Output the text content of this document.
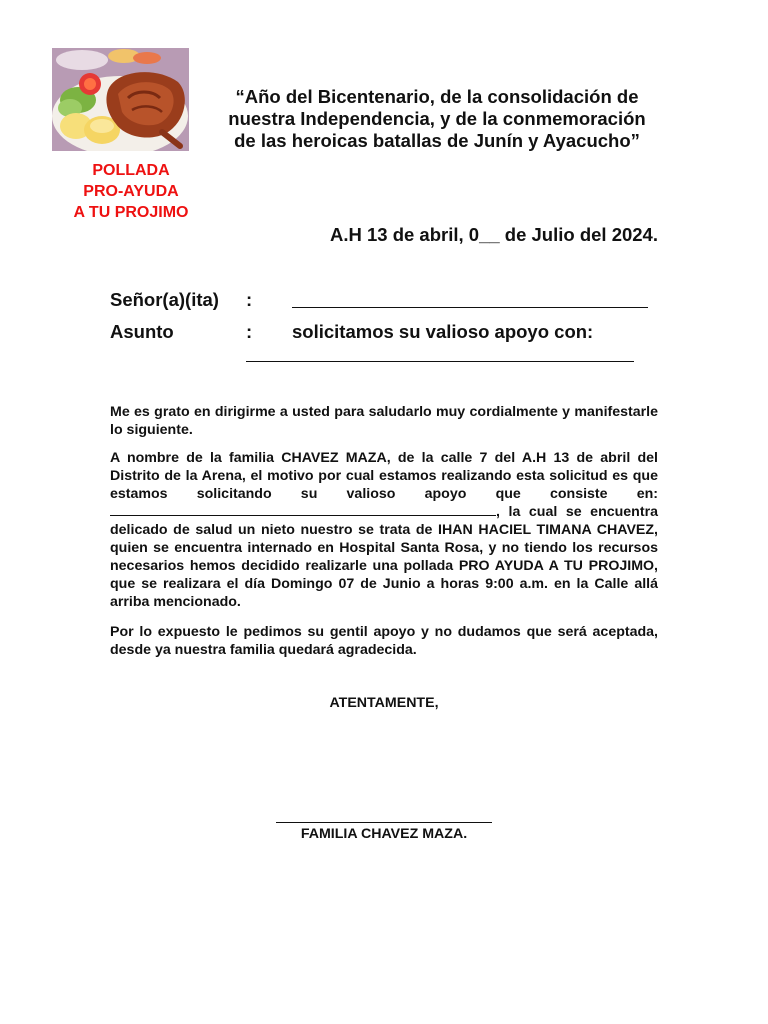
POLLADA
PRO-AYUDA
A TU PROJIMO
“Año del Bicentenario, de la consolidación de
nuestra Independencia, y de la conmemoración
de las heroicas batallas de Junín y Ayacucho”
A.H 13 de abril, 0__ de Julio del 2024.
Señor(a)(ita) :
Asunto	: solicitamos su valioso apoyo con:
Me es grato en dirigirme a usted para saludarlo muy cordialmente y manifestarle lo siguiente.
A nombre de la familia CHAVEZ MAZA, de la calle 7 del A.H 13 de abril del Distrito de la Arena, el motivo por cual estamos realizando esta solicitud es que estamos solicitando su valioso apoyo que consiste en: , la cual se encuentra delicado de salud un nieto nuestro se trata de IHAN HACIEL TIMANA CHAVEZ, quien se encuentra internado en Hospital Santa Rosa, y no tiendo los recursos necesarios hemos decidido realizarle una pollada PRO AYUDA A TU PROJIMO, que se realizara el día Domingo 07 de Junio a horas 9:00 a.m. en la Calle allá arriba mencionado.
Por lo expuesto le pedimos su gentil apoyo y no dudamos que será aceptada, desde ya nuestra familia quedará agradecida.
ATENTAMENTE,
FAMILIA CHAVEZ MAZA.
